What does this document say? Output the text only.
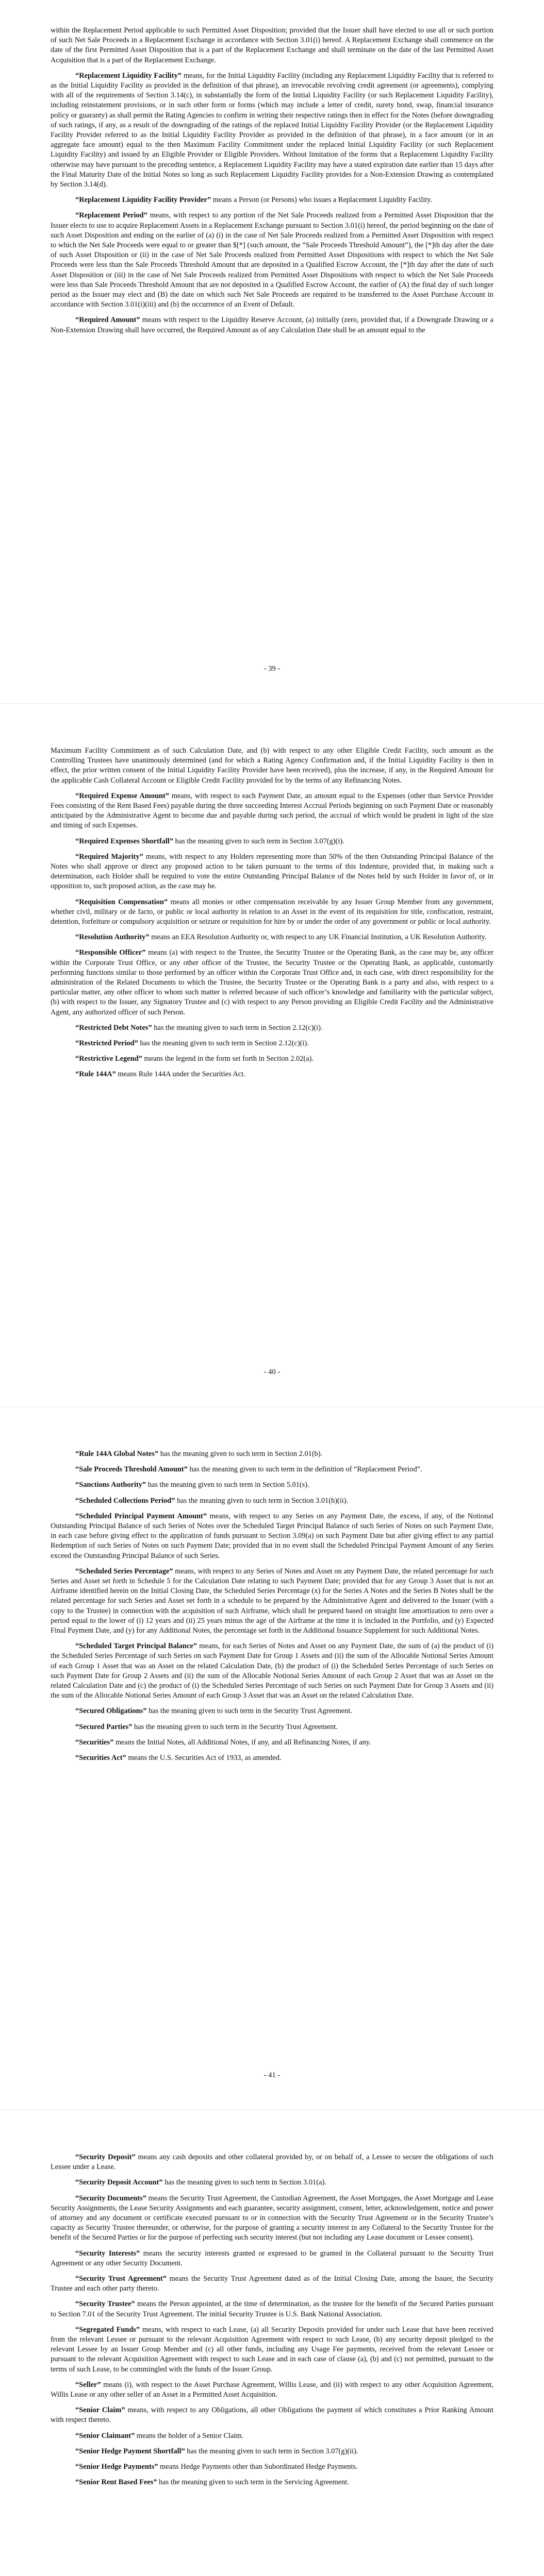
within the Replacement Period applicable to such Permitted Asset Disposition; provided that the Issuer shall have elected to use all or such portion of such Net Sale Proceeds in a Replacement Exchange in accordance with Section 3.01(i) hereof. A Replacement Exchange shall commence on the date of the first Permitted Asset Disposition that is a part of the Replacement Exchange and shall terminate on the date of the last Permitted Asset Acquisition that is a part of the Replacement Exchange.

“Replacement Liquidity Facility” means, for the Initial Liquidity Facility (including any Replacement Liquidity Facility that is referred to as the Initial Liquidity Facility as provided in the definition of that phrase), an irrevocable revolving credit agreement (or agreements), complying with all of the requirements of Section 3.14(c), in substantially the form of the Initial Liquidity Facility (or such Replacement Liquidity Facility), including reinstatement provisions, or in such other form or forms (which may include a letter of credit, surety bond, swap, financial insurance policy or guaranty) as shall permit the Rating Agencies to confirm in writing their respective ratings then in effect for the Notes (before downgrading of such ratings, if any, as a result of the downgrading of the ratings of the replaced Initial Liquidity Facility Provider (or the Replacement Liquidity Facility Provider referred to as the Initial Liquidity Facility Provider as provided in the definition of that phrase), in a face amount (or in an aggregate face amount) equal to the then Maximum Facility Commitment under the replaced Initial Liquidity Facility (or such Replacement Liquidity Facility) and issued by an Eligible Provider or Eligible Providers. Without limitation of the forms that a Replacement Liquidity Facility otherwise may have pursuant to the preceding sentence, a Replacement Liquidity Facility may have a stated expiration date earlier than 15 days after the Final Maturity Date of the Initial Notes so long as such Replacement Liquidity Facility provides for a Non-Extension Drawing as contemplated by Section 3.14(d).

“Replacement Liquidity Facility Provider” means a Person (or Persons) who issues a Replacement Liquidity Facility.

“Replacement Period” means, with respect to any portion of the Net Sale Proceeds realized from a Permitted Asset Disposition that the Issuer elects to use to acquire Replacement Assets in a Replacement Exchange pursuant to Section 3.01(i) hereof, the period beginning on the date of such Asset Disposition and ending on the earlier of (a) (i) in the case of Net Sale Proceeds realized from a Permitted Asset Disposition with respect to which the Net Sale Proceeds were equal to or greater than $[*] (such amount, the “Sale Proceeds Threshold Amount”), the [*]th day after the date of such Asset Disposition or (ii) in the case of Net Sale Proceeds realized from Permitted Asset Dispositions with respect to which the Net Sale Proceeds were less than the Sale Proceeds Threshold Amount that are deposited in a Qualified Escrow Account, the [*]th day after the date of such Asset Disposition or (iii) in the case of Net Sale Proceeds realized from Permitted Asset Dispositions with respect to which the Net Sale Proceeds were less than Sale Proceeds Threshold Amount that are not deposited in a Qualified Escrow Account, the earlier of (A) the final day of such longer period as the Issuer may elect and (B) the date on which such Net Sale Proceeds are required to be transferred to the Asset Purchase Account in accordance with Section 3.01(i)(iii) and (b) the occurrence of an Event of Default.

“Required Amount” means with respect to the Liquidity Reserve Account, (a) initially (zero, provided that, if a Downgrade Drawing or a Non-Extension Drawing shall have occurred, the Required Amount as of any Calculation Date shall be an amount equal to the

- 39 -

Maximum Facility Commitment as of such Calculation Date, and (b) with respect to any other Eligible Credit Facility, such amount as the Controlling Trustees have unanimously determined (and for which a Rating Agency Confirmation and, if the Initial Liquidity Facility is then in effect, the prior written consent of the Initial Liquidity Facility Provider have been received), plus the increase, if any, in the Required Amount for the applicable Cash Collateral Account or Eligible Credit Facility provided for by the terms of any Refinancing Notes.

“Required Expense Amount” means, with respect to each Payment Date, an amount equal to the Expenses (other than Service Provider Fees consisting of the Rent Based Fees) payable during the three succeeding Interest Accrual Periods beginning on such Payment Date or reasonably anticipated by the Administrative Agent to become due and payable during such period, the accrual of which would be prudent in light of the size and timing of such Expenses.

“Required Expenses Shortfall” has the meaning given to such term in Section 3.07(g)(i).

“Required Majority” means, with respect to any Holders representing more than 50% of the then Outstanding Principal Balance of the Notes who shall approve or direct any proposed action to be taken pursuant to the terms of this Indenture, provided that, in making such a determination, each Holder shall be required to vote the entire Outstanding Principal Balance of the Notes held by such Holder in favor of, or in opposition to, such proposed action, as the case may be.

“Requisition Compensation” means all monies or other compensation receivable by any Issuer Group Member from any government, whether civil, military or de facto, or public or local authority in relation to an Asset in the event of its requisition for title, confiscation, restraint, detention, forfeiture or compulsory acquisition or seizure or requisition for hire by or under the order of any government or public or local authority.

“Resolution Authority” means an EEA Resolution Authority or, with respect to any UK Financial Institution, a UK Resolution Authority.

“Responsible Officer” means (a) with respect to the Trustee, the Security Trustee or the Operating Bank, as the case may be, any officer within the Corporate Trust Office, or any other officer of the Trustee, the Security Trustee or the Operating Bank, as applicable, customarily performing functions similar to those performed by an officer within the Corporate Trust Office and, in each case, with direct responsibility for the administration of the Related Documents to which the Trustee, the Security Trustee or the Operating Bank is a party and also, with respect to a particular matter, any other officer to whom such matter is referred because of such officer’s knowledge and familiarity with the particular subject, (b) with respect to the Issuer, any Signatory Trustee and (c) with respect to any Person providing an Eligible Credit Facility and the Administrative Agent, any authorized officer of such Person.

“Restricted Debt Notes” has the meaning given to such term in Section 2.12(c)(i).

“Restricted Period” has the meaning given to such term in Section 2.12(c)(i).

“Restrictive Legend” means the legend in the form set forth in Section 2.02(a).

“Rule 144A” means Rule 144A under the Securities Act.

- 40 -

“Rule 144A Global Notes” has the meaning given to such term in Section 2.01(b).

“Sale Proceeds Threshold Amount” has the meaning given to such term in the definition of “Replacement Period”.

“Sanctions Authority” has the meaning given to such term in Section 5.01(s).

“Scheduled Collections Period” has the meaning given to such term in Section 3.01(h)(ii).

“Scheduled Principal Payment Amount” means, with respect to any Series on any Payment Date, the excess, if any, of the Notional Outstanding Principal Balance of such Series of Notes over the Scheduled Target Principal Balance of such Series of Notes on such Payment Date, in each case before giving effect to the application of funds pursuant to Section 3.09(a) on such Payment Date but after giving effect to any partial Redemption of such Series of Notes on such Payment Date; provided that in no event shall the Scheduled Principal Payment Amount of any Series exceed the Outstanding Principal Balance of such Series.

“Scheduled Series Percentage” means, with respect to any Series of Notes and Asset on any Payment Date, the related percentage for such Series and Asset set forth in Schedule 5 for the Calculation Date relating to such Payment Date; provided that for any Group 3 Asset that is not an Airframe identified herein on the Initial Closing Date, the Scheduled Series Percentage (x) for the Series A Notes and the Series B Notes shall be the related percentage for such Series and Asset set forth in a schedule to be prepared by the Administrative Agent and delivered to the Issuer (with a copy to the Trustee) in connection with the acquisition of such Airframe, which shall be prepared based on straight line amortization to zero over a period equal to the lower of (i) 12 years and (ii) 25 years minus the age of the Airframe at the time it is included in the Portfolio, and (y) Expected Final Payment Date, and (y) for any Additional Notes, the percentage set forth in the Additional Issuance Supplement for such Additional Notes.

“Scheduled Target Principal Balance” means, for each Series of Notes and Asset on any Payment Date, the sum of (a) the product of (i) the Scheduled Series Percentage of such Series on such Payment Date for Group 1 Assets and (ii) the sum of the Allocable Notional Series Amount of each Group 1 Asset that was an Asset on the related Calculation Date, (b) the product of (i) the Scheduled Series Percentage of such Series on such Payment Date for Group 2 Assets and (ii) the sum of the Allocable Notional Series Amount of each Group 2 Asset that was an Asset on the related Calculation Date and (c) the product of (i) the Scheduled Series Percentage of such Series on such Payment Date for Group 3 Assets and (ii) the sum of the Allocable Notional Series Amount of each Group 3 Asset that was an Asset on the related Calculation Date.

“Secured Obligations” has the meaning given to such term in the Security Trust Agreement.

“Secured Parties” has the meaning given to such term in the Security Trust Agreement.

“Securities” means the Initial Notes, all Additional Notes, if any, and all Refinancing Notes, if any.

“Securities Act” means the U.S. Securities Act of 1933, as amended.

- 41 -

“Security Deposit” means any cash deposits and other collateral provided by, or on behalf of, a Lessee to secure the obligations of such Lessee under a Lease.

“Security Deposit Account” has the meaning given to such term in Section 3.01(a).

“Security Documents” means the Security Trust Agreement, the Custodian Agreement, the Asset Mortgages, the Asset Mortgage and Lease Security Assignments, the Lease Security Assignments and each guarantee, security assignment, consent, letter, acknowledgement, notice and power of attorney and any document or certificate executed pursuant to or in connection with the Security Trust Agreement or in the Security Trustee’s capacity as Security Trustee thereunder, or otherwise, for the purpose of granting a security interest in any Collateral to the Security Trustee for the benefit of the Secured Parties or for the purpose of perfecting such security interest (but not including any Lease document or Lessee consent).

“Security Interests” means the security interests granted or expressed to be granted in the Collateral pursuant to the Security Trust Agreement or any other Security Document.

“Security Trust Agreement” means the Security Trust Agreement dated as of the Initial Closing Date, among the Issuer, the Security Trustee and each other party thereto.

“Security Trustee” means the Person appointed, at the time of determination, as the trustee for the benefit of the Secured Parties pursuant to Section 7.01 of the Security Trust Agreement. The initial Security Trustee is U.S. Bank National Association.

“Segregated Funds” means, with respect to each Lease, (a) all Security Deposits provided for under such Lease that have been received from the relevant Lessee or pursuant to the relevant Acquisition Agreement with respect to such Lease, (b) any security deposit pledged to the relevant Lessee by an Issuer Group Member and (c) all other funds, including any Usage Fee payments, received from the relevant Lessee or pursuant to the relevant Acquisition Agreement with respect to such Lease and in each case of clause (a), (b) and (c) not permitted, pursuant to the terms of such Lease, to be commingled with the funds of the Issuer Group.

“Seller” means (i), with respect to the Asset Purchase Agreement, Willis Lease, and (ii) with respect to any other Acquisition Agreement, Willis Lease or any other seller of an Asset in a Permitted Asset Acquisition.

“Senior Claim” means, with respect to any Obligations, all other Obligations the payment of which constitutes a Prior Ranking Amount with respect thereto.

“Senior Claimant” means the holder of a Senior Claim.

“Senior Hedge Payment Shortfall” has the meaning given to such term in Section 3.07(g)(ii).

“Senior Hedge Payments” means Hedge Payments other than Subordinated Hedge Payments.

“Senior Rent Based Fees” has the meaning given to such term in the Servicing Agreement.
